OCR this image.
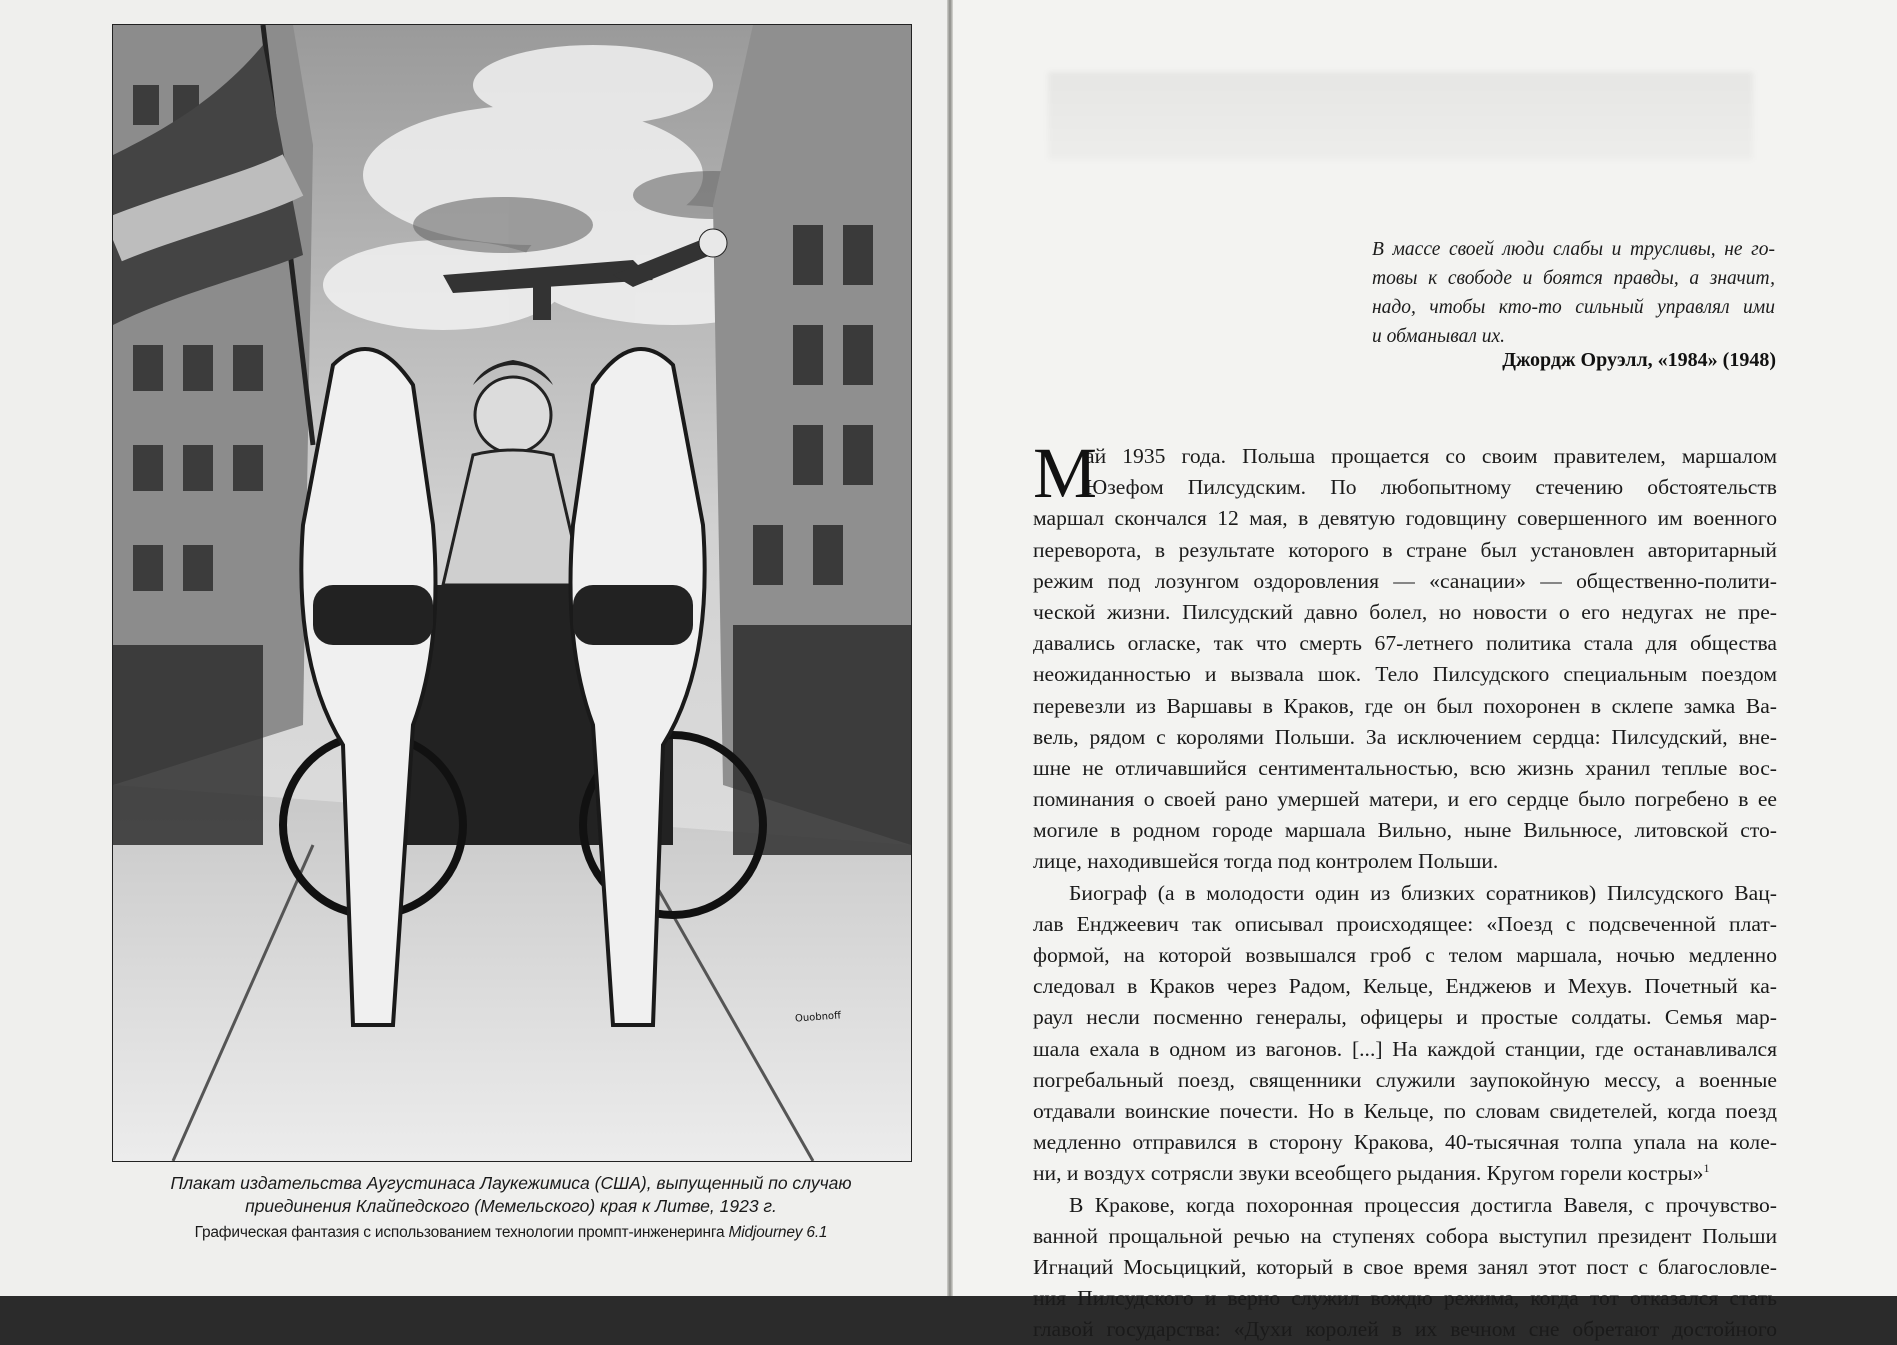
Ouobnoff
Плакат издательства Аугустинаса Лаукежимиса (США), выпущенный по случаю
приединения Клайпедского (Мемельского) края к Литве, 1923 г.
Графическая фантазия с использованием технологии промпт-инженеринга Midjourney 6.1
В массе своей люди слабы и трусливы, не го-
товы к свободе и боятся правды, а значит,
надо, чтобы кто-то сильный управлял ими
и обманывал их.
Джордж Оруэлл, «1984» (1948)
М
ай 1935 года. Польша прощается со своим правителем, маршалом
Юзефом Пилсудским. По любопытному стечению обстоятельств
маршал скончался 12 мая, в девятую годовщину совершенного им военного
переворота, в результате которого в стране был установлен авторитарный
режим под лозунгом оздоровления — «санации» — общественно-полити-
ческой жизни. Пилсудский давно болел, но новости о его недугах не пре-
давались огласке, так что смерть 67-летнего политика стала для общества
неожиданностью и вызвала шок. Тело Пилсудского специальным поездом
перевезли из Варшавы в Краков, где он был похоронен в склепе замка Ва-
вель, рядом с королями Польши. За исключением сердца: Пилсудский, вне-
шне не отличавшийся сентиментальностью, всю жизнь хранил теплые вос-
поминания о своей рано умершей матери, и его сердце было погребено в ее
могиле в родном городе маршала Вильно, ныне Вильнюсе, литовской сто-
лице, находившейся тогда под контролем Польши.
Биограф (а в молодости один из близких соратников) Пилсудского Вац-
лав Енджеевич так описывал происходящее: «Поезд с подсвеченной плат-
формой, на которой возвышался гроб с телом маршала, ночью медленно
следовал в Краков через Радом, Кельце, Енджеюв и Мехув. Почетный ка-
раул несли посменно генералы, офицеры и простые солдаты. Семья мар-
шала ехала в одном из вагонов. [...] На каждой станции, где останавливался
погребальный поезд, священники служили заупокойную мессу, а военные
отдавали воинские почести. Но в Кельце, по словам свидетелей, когда поезд
медленно отправился в сторону Кракова, 40-тысячная толпа упала на коле-
ни, и воздух сотрясли звуки всеобщего рыдания. Кругом горели костры»$^1$
В Кракове, когда похоронная процессия достигла Вавеля, с прочувство-
ванной прощальной речью на ступенях собора выступил президент Польши
Игнаций Мосьцицкий, который в свое время занял этот пост с благословле-
ния Пилсудского и верно служил вождю режима, когда тот отказался стать
главой государства: «Духи королей в их вечном сне обретают достойного
